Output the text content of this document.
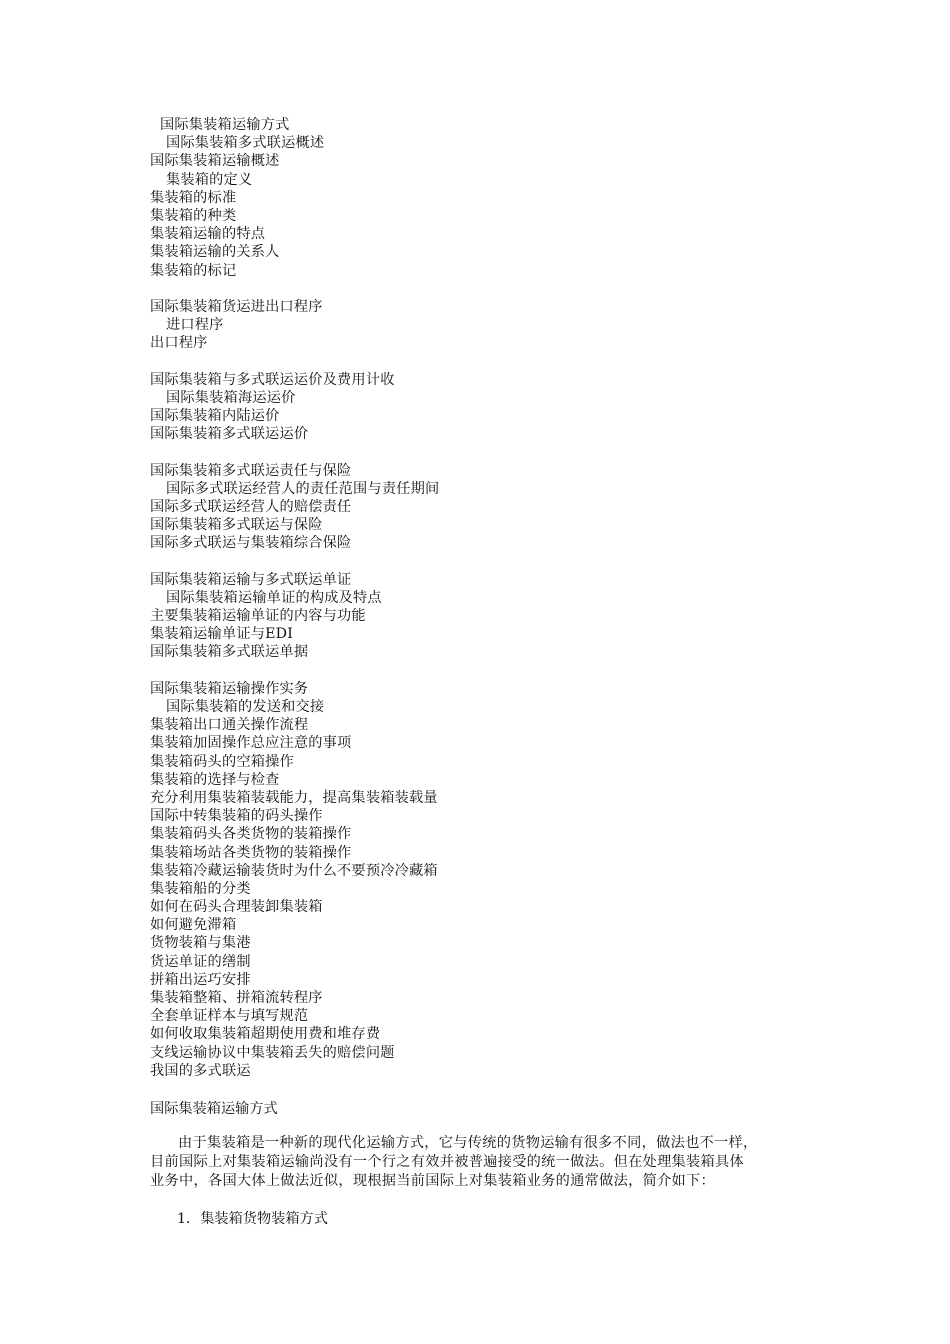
国际集装箱运输方式
国际集装箱多式联运概述
国际集装箱运输概述
集装箱的定义
集装箱的标准
集装箱的种类
集装箱运输的特点
集装箱运输的关系人
集装箱的标记
国际集装箱货运进出口程序
进口程序
出口程序
国际集装箱与多式联运运价及费用计收
国际集装箱海运运价
国际集装箱内陆运价
国际集装箱多式联运运价
国际集装箱多式联运责任与保险
国际多式联运经营人的责任范围与责任期间
国际多式联运经营人的赔偿责任
国际集装箱多式联运与保险
国际多式联运与集装箱综合保险
国际集装箱运输与多式联运单证
国际集装箱运输单证的构成及特点
主要集装箱运输单证的内容与功能
集装箱运输单证与EDI
国际集装箱多式联运单据
国际集装箱运输操作实务
国际集装箱的发送和交接
集装箱出口通关操作流程
集装箱加固操作总应注意的事项
集装箱码头的空箱操作
集装箱的选择与检查
充分利用集装箱装载能力，提高集装箱装载量
国际中转集装箱的码头操作
集装箱码头各类货物的装箱操作
集装箱场站各类货物的装箱操作
集装箱冷藏运输装货时为什么不要预冷冷藏箱
集装箱船的分类
如何在码头合理装卸集装箱
如何避免滞箱
货物装箱与集港
货运单证的缮制
拼箱出运巧安排
集装箱整箱、拼箱流转程序
全套单证样本与填写规范
如何收取集装箱超期使用费和堆存费
支线运输协议中集装箱丢失的赔偿问题
我国的多式联运
国际集装箱运输方式
由于集装箱是一种新的现代化运输方式，它与传统的货物运输有很多不同，做法也不一样，
目前国际上对集装箱运输尚没有一个行之有效并被普遍接受的统一做法。但在处理集装箱具体
业务中，各国大体上做法近似，现根据当前国际上对集装箱业务的通常做法，简介如下：
1．集装箱货物装箱方式
